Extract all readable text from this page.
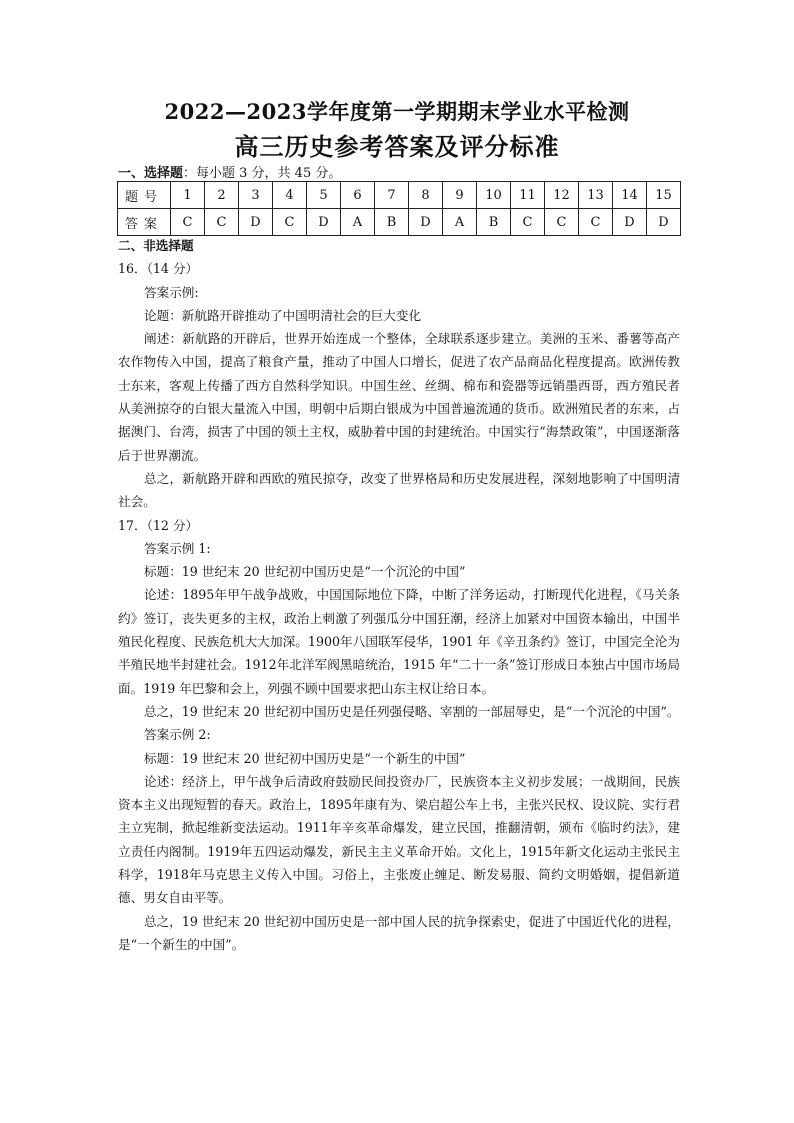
2022—2023学年度第一学期期末学业水平检测
高三历史参考答案及评分标准
一、选择题：每小题 3 分，共 45 分。
题号	1	2	3	4	5	6	7	8	9	10	11	12	13	14	15
答案	C	C	D	C	D	A	B	D	A	B	C	C	C	D	D

二、非选择题

16．（14 分）

答案示例:

论题：新航路开辟推动了中国明清社会的巨大变化

阐述：新航路的开辟后，世界开始连成一个整体，全球联系逐步建立。美洲的玉米、番薯等高产农作物传入中国，提高了粮食产量，推动了中国人口增长，促进了农产品商品化程度提高。欧洲传教士东来，客观上传播了西方自然科学知识。中国生丝、丝绸、棉布和瓷器等远销墨西哥，西方殖民者从美洲掠夺的白银大量流入中国，明朝中后期白银成为中国普遍流通的货币。欧洲殖民者的东来，占据澳门、台湾，损害了中国的领土主权，威胁着中国的封建统治。中国实行“海禁政策”，中国逐渐落后于世界潮流。

总之，新航路开辟和西欧的殖民掠夺，改变了世界格局和历史发展进程，深刻地影响了中国明清社会。

17．（12 分）

答案示例 1:

标题：19 世纪末 20 世纪初中国历史是“一个沉沦的中国”

论述：1895年甲午战争战败，中国国际地位下降，中断了洋务运动，打断现代化进程，《马关条约》签订，丧失更多的主权，政治上刺激了列强瓜分中国狂潮，经济上加紧对中国资本输出，中国半殖民化程度、民族危机大大加深。1900年八国联军侵华，1901 年《辛丑条约》签订，中国完全沦为半殖民地半封建社会。1912年北洋军阀黑暗统治，1915 年“二十一条”签订形成日本独占中国市场局面。1919 年巴黎和会上，列强不顾中国要求把山东主权让给日本。

总之，19 世纪末 20 世纪初中国历史是任列强侵略、宰割的一部屈辱史，是“一个沉沦的中国”。

答案示例 2:

标题：19 世纪末 20 世纪初中国历史是“一个新生的中国”

论述：经济上，甲午战争后清政府鼓励民间投资办厂，民族资本主义初步发展；一战期间，民族资本主义出现短暂的春天。政治上，1895年康有为、梁启超公车上书，主张兴民权、设议院、实行君主立宪制，掀起维新变法运动。1911年辛亥革命爆发，建立民国，推翻清朝，颁布《临时约法》，建立责任内阁制。1919年五四运动爆发，新民主主义革命开始。文化上，1915年新文化运动主张民主科学，1918年马克思主义传入中国。习俗上，主张废止缠足、断发易服、简约文明婚姻，提倡新道德、男女自由平等。

总之，19 世纪末 20 世纪初中国历史是一部中国人民的抗争探索史，促进了中国近代化的进程，是“一个新生的中国”。
